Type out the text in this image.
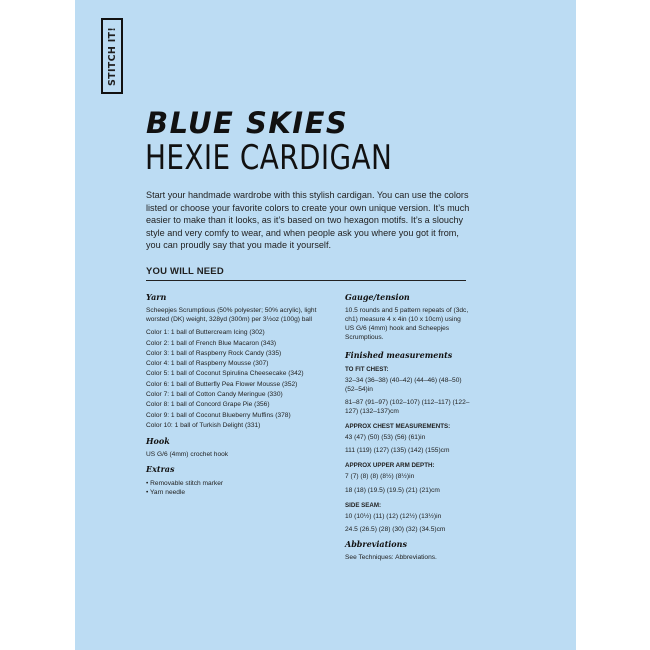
STITCH IT!
BLUE SKIES
HEXIE CARDIGAN
Start your handmade wardrobe with this stylish cardigan. You can use the colors listed or choose your favorite colors to create your own unique version. It’s much easier to make than it looks, as it’s based on two hexagon motifs. It’s a slouchy style and very comfy to wear, and when people ask you where you got it from, you can proudly say that you made it yourself.
YOU WILL NEED
Yarn

Scheepjes Scrumptious (50% polyester; 50% acrylic), light worsted (DK) weight, 328yd (300m) per 3½oz (100g) ball

Color 1: 1 ball of Buttercream Icing (302)

Color 2: 1 ball of French Blue Macaron (343)

Color 3: 1 ball of Raspberry Rock Candy (335)

Color 4: 1 ball of Raspberry Mousse (307)

Color 5: 1 ball of Coconut Spirulina Cheesecake (342)

Color 6: 1 ball of Butterfly Pea Flower Mousse (352)

Color 7: 1 ball of Cotton Candy Meringue (330)

Color 8: 1 ball of Concord Grape Pie (356)

Color 9: 1 ball of Coconut Blueberry Muffins (378)

Color 10: 1 ball of Turkish Delight (331)

Hook

US G/6 (4mm) crochet hook

Extras

• Removable stitch marker

• Yarn needle

Gauge/tension

10.5 rounds and 5 pattern repeats of (3dc, ch1) measure 4 x 4in (10 x 10cm) using US G/6 (4mm) hook and Scheepjes Scrumptious.

Finished measurements
TO FIT CHEST:

32–34 (36–38) (40–42) (44–46) (48–50) (52–54)in

81–87 (91–97) (102–107) (112–117) (122–127) (132–137)cm

APPROX CHEST MEASUREMENTS:

43 (47) (50) (53) (56) (61)in

111 (119) (127) (135) (142) (155)cm

APPROX UPPER ARM DEPTH:

7 (7) (8) (8) (8½) (8½)in

18 (18) (19.5) (19.5) (21) (21)cm

SIDE SEAM:

10 (10½) (11) (12) (12½) (13½)in

24.5 (26.5) (28) (30) (32) (34.5)cm

Abbreviations

See Techniques: Abbreviations.
